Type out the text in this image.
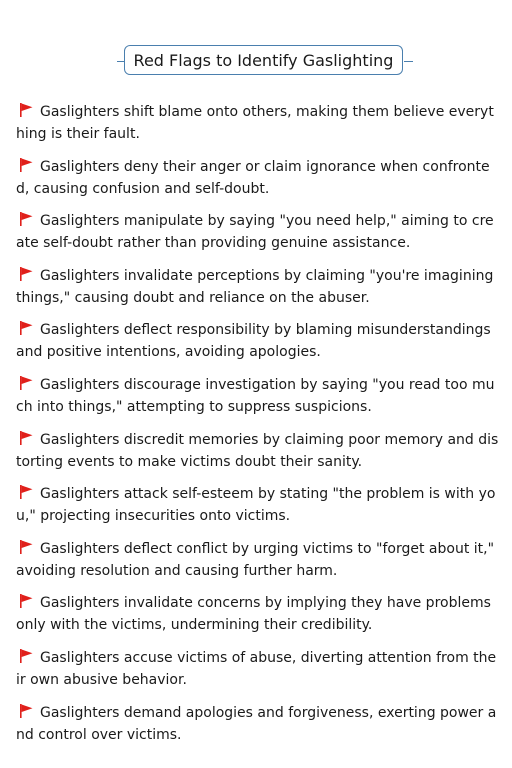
Red Flags to Identify Gaslighting
Gaslighters shift blame onto others, making them believe everything is their fault.
Gaslighters deny their anger or claim ignorance when confronted, causing confusion and self-doubt.
Gaslighters manipulate by saying "you need help," aiming to create self-doubt rather than providing genuine assistance.
Gaslighters invalidate perceptions by claiming "you're imagining things," causing doubt and reliance on the abuser.
Gaslighters deflect responsibility by blaming misunderstandings and positive intentions, avoiding apologies.
Gaslighters discourage investigation by saying "you read too much into things," attempting to suppress suspicions.
Gaslighters discredit memories by claiming poor memory and distorting events to make victims doubt their sanity.
Gaslighters attack self-esteem by stating "the problem is with you," projecting insecurities onto victims.
Gaslighters deflect conflict by urging victims to "forget about it," avoiding resolution and causing further harm.
Gaslighters invalidate concerns by implying they have problems only with the victims, undermining their credibility.
Gaslighters accuse victims of abuse, diverting attention from their own abusive behavior.
Gaslighters demand apologies and forgiveness, exerting power and control over victims.
